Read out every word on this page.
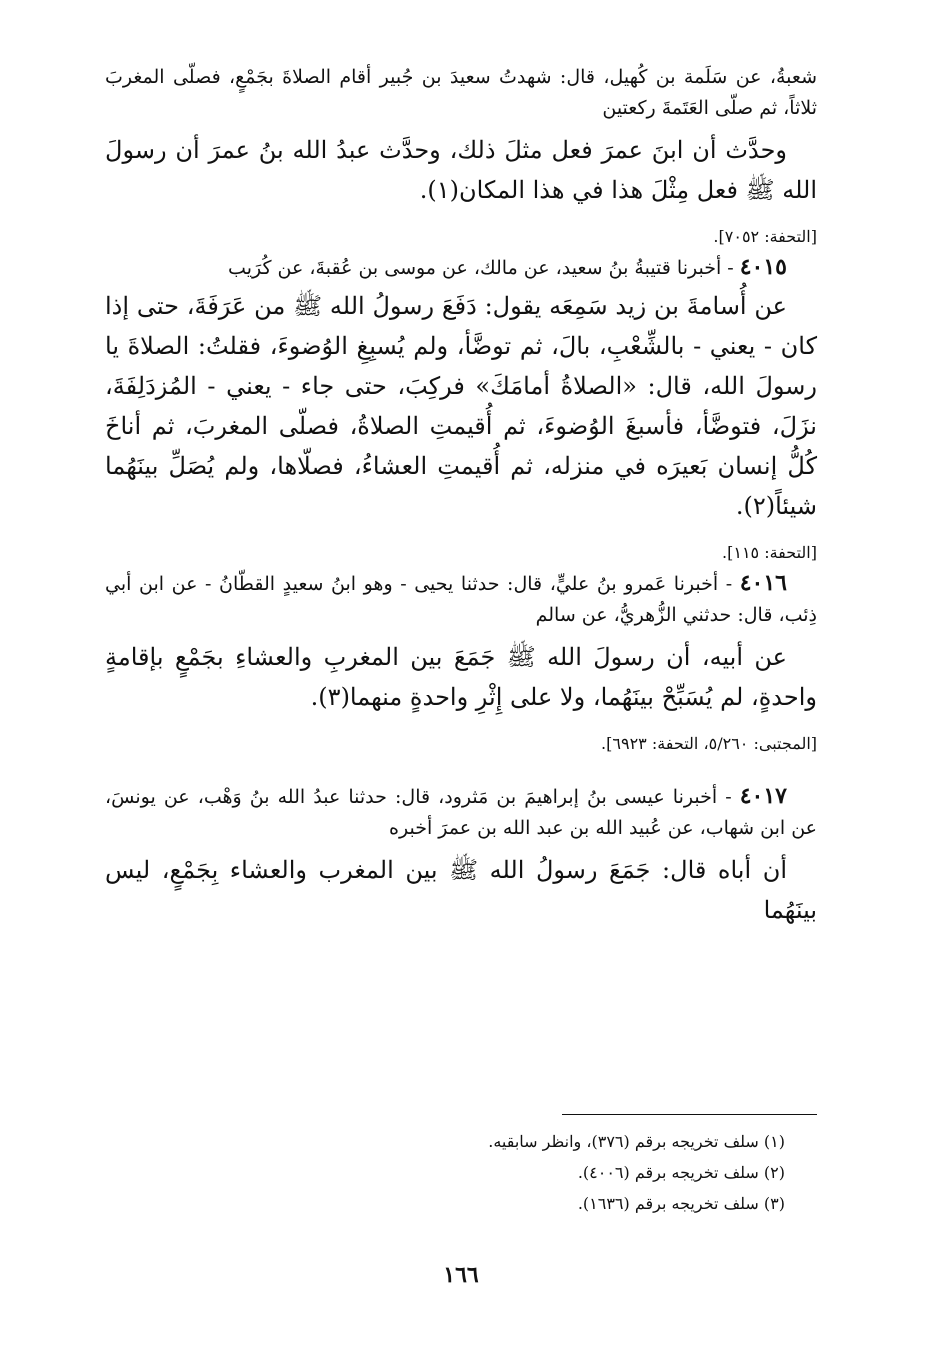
شعبةُ، عن سَلَمة بن كُهيل، قال: شهدتُ سعيدَ بن جُبير أقام الصلاةَ بجَمْعٍ، فصلّى المغربَ ثلاثاً، ثم صلّى العَتَمةَ ركعتين

وحدَّث أن ابنَ عمرَ فعل مثلَ ذلك، وحدَّث عبدُ الله بنُ عمرَ أن رسولَ الله ﷺ فعل مِثْلَ هذا في هذا المكان(١).

[التحفة: ٧٠٥٢].

٤٠١٥ - أخبرنا قتيبةُ بنُ سعيد، عن مالك، عن موسى بن عُقبةَ، عن كُرَيب

عن أُسامةَ بن زيد سَمِعَه يقول: دَفَعَ رسولُ الله ﷺ من عَرَفَةَ، حتى إذا كان - يعني - بالشِّعْبِ، بالَ، ثم توضَّأ، ولم يُسبِغِ الوُضوءَ، فقلتُ: الصلاةَ يا رسولَ الله، قال: «الصلاةُ أمامَكَ» فركِبَ، حتى جاء - يعني - المُزدَلِفَةَ، نزَلَ، فتوضَّأ، فأسبغَ الوُضوءَ، ثم أُقيمتِ الصلاةُ، فصلّى المغربَ، ثم أناخَ كُلُّ إنسان بَعيرَه في منزله، ثم أُقيمتِ العشاءُ، فصلّاها، ولم يُصَلِّ بينَهُما شيئاً(٢).

[التحفة: ١١٥].

٤٠١٦ - أخبرنا عَمرو بنُ عليٍّ، قال: حدثنا يحيى - وهو ابنُ سعيدٍ القطّانُ - عن ابن أبي ذِئب، قال: حدثني الزُّهريُّ، عن سالم

عن أبيه، أن رسولَ الله ﷺ جَمَعَ بين المغربِ والعشاءِ بجَمْعٍ بإقامةٍ واحدةٍ، لم يُسَبِّحْ بينَهُما، ولا على إِثْرِ واحدةٍ منهما(٣).

[المجتبى: ٥/٢٦٠، التحفة: ٦٩٢٣].

٤٠١٧ - أخبرنا عيسى بنُ إبراهيمَ بن مَثرود، قال: حدثنا عبدُ الله بنُ وَهْب، عن يونسَ، عن ابن شهاب، عن عُبيد الله بن عبد الله بن عمرَ أخبره

أن أباه قال: جَمَعَ رسولُ الله ﷺ بين المغرب والعشاء بِجَمْعٍ، ليس بينَهُما

(١) سلف تخريجه برقم (٣٧٦)، وانظر سابقيه.
(٢) سلف تخريجه برقم (٤٠٠٦).
(٣) سلف تخريجه برقم (١٦٣٦).
١٦٦
